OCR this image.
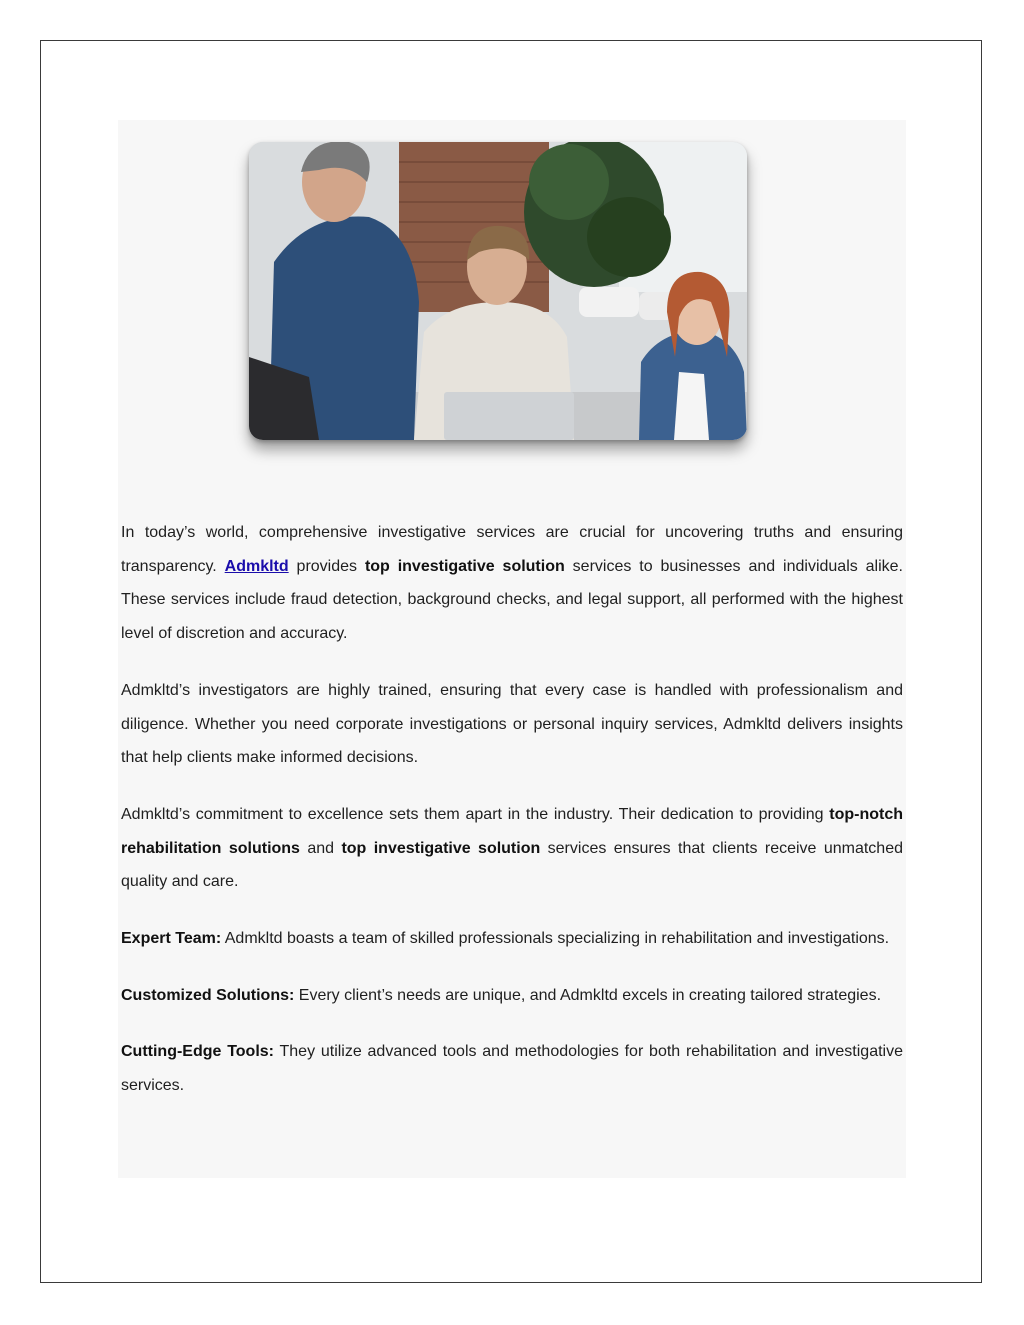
In today’s world, comprehensive investigative services are crucial for uncovering truths and ensuring transparency. Admkltd provides top investigative solution services to businesses and individuals alike. These services include fraud detection, background checks, and legal support, all performed with the highest level of discretion and accuracy.

Admkltd’s investigators are highly trained, ensuring that every case is handled with professionalism and diligence. Whether you need corporate investigations or personal inquiry services, Admkltd delivers insights that help clients make informed decisions.

Admkltd’s commitment to excellence sets them apart in the industry. Their dedication to providing top-notch rehabilitation solutions and top investigative solution services ensures that clients receive unmatched quality and care.

Expert Team: Admkltd boasts a team of skilled professionals specializing in rehabilitation and investigations.

Customized Solutions: Every client’s needs are unique, and Admkltd excels in creating tailored strategies.

Cutting-Edge Tools: They utilize advanced tools and methodologies for both rehabilitation and investigative services.
